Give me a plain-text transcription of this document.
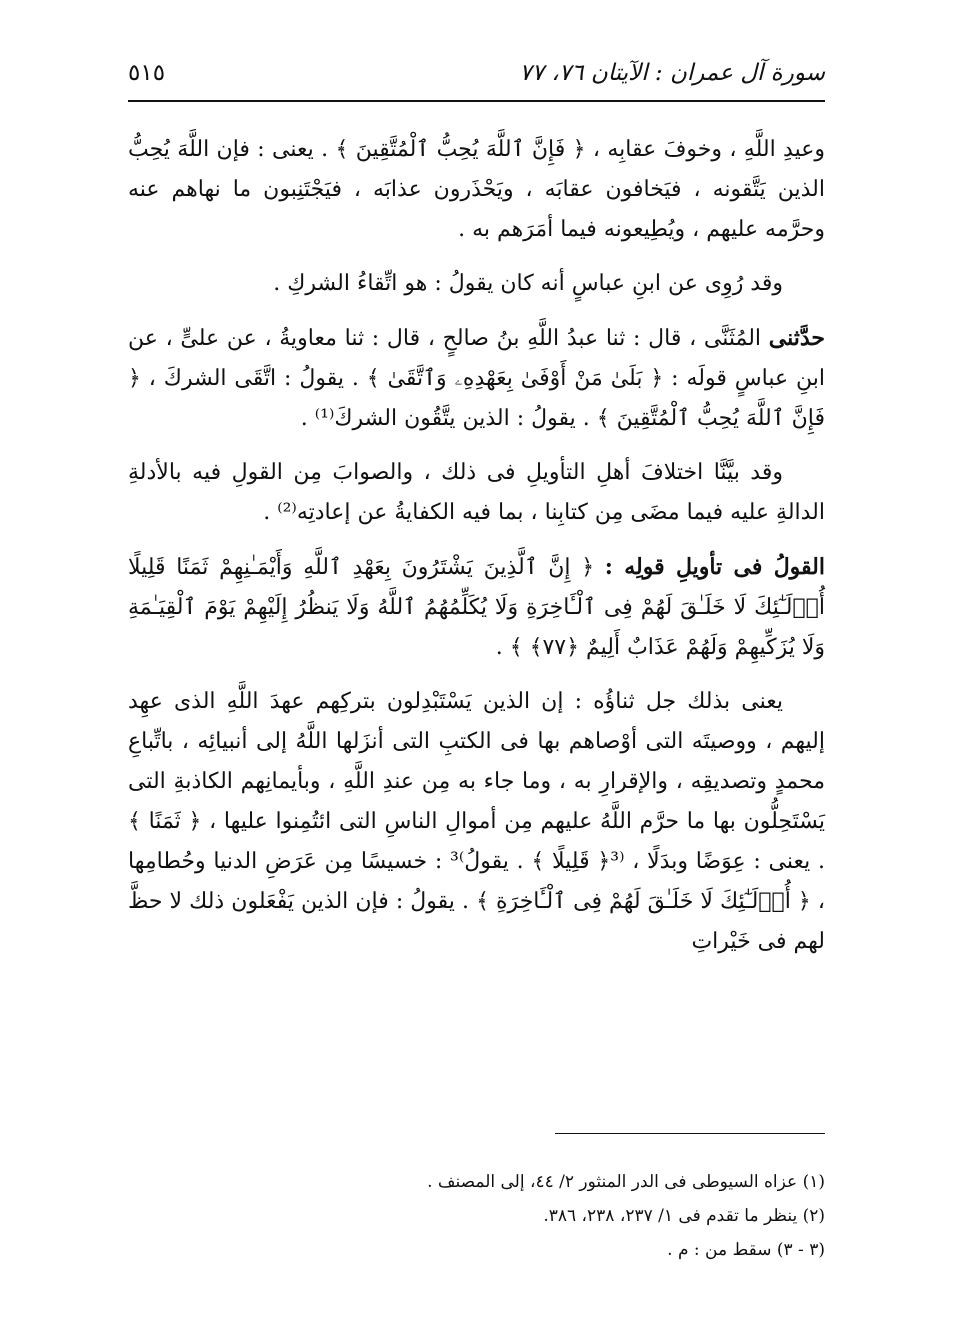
سورة آل عمران : الآيتان ٧٦، ٧٧
٥١٥

وعيدِ اللَّهِ ، وخوفَ عقابِه ، ﴿ فَإِنَّ ٱللَّهَ يُحِبُّ ٱلْمُتَّقِينَ ﴾ . يعنى : فإن اللَّهَ يُحِبُّ الذين يَتَّقونه ، فيَخافون عقابَه ، ويَحْذَرون عذابَه ، فيَجْتَنِبون ما نهاهم عنه وحرَّمه عليهم ، ويُطِيعونه فيما أمَرَهم به .

وقد رُوِى عن ابنِ عباسٍ أنه كان يقولُ : هو اتِّقاءُ الشركِ .

حدَّثنى المُثَنَّى ، قال : ثنا عبدُ اللَّهِ بنُ صالحٍ ، قال : ثنا معاويةُ ، عن علىٍّ ، عن ابنِ عباسٍ قولَه : ﴿ بَلَىٰ مَنْ أَوْفَىٰ بِعَهْدِهِۦ وَٱتَّقَىٰ ﴾ . يقولُ : اتَّقَى الشركَ ، ﴿ فَإِنَّ ٱللَّهَ يُحِبُّ ٱلْمُتَّقِينَ ﴾ . يقولُ : الذين يتَّقُون الشركَ⁽¹⁾ .

وقد بيَّنَّا اختلافَ أهلِ التأويلِ فى ذلك ، والصوابَ مِن القولِ فيه بالأدلةِ الدالةِ عليه فيما مضَى مِن كتابِنا ، بما فيه الكفايةُ عن إعادتِه⁽²⁾ .

القولُ فى تأويلِ قولِه : ﴿ إِنَّ ٱلَّذِينَ يَشْتَرُونَ بِعَهْدِ ٱللَّهِ وَأَيْمَـٰنِهِمْ ثَمَنًا قَلِيلًا أُو۟لَـٰٓئِكَ لَا خَلَـٰقَ لَهُمْ فِى ٱلْـَٔاخِرَةِ وَلَا يُكَلِّمُهُمُ ٱللَّهُ وَلَا يَنظُرُ إِلَيْهِمْ يَوْمَ ٱلْقِيَـٰمَةِ وَلَا يُزَكِّيهِمْ وَلَهُمْ عَذَابٌ أَلِيمٌ ﴿٧٧﴾ ﴾ .

يعنى بذلك جل ثناؤُه : إن الذين يَسْتَبْدِلون بتركِهم عهدَ اللَّهِ الذى عهِد إليهم ، ووصيتَه التى أوْصاهم بها فى الكتبِ التى أنزَلها اللَّهُ إلى أنبيائِه ، باتِّباعِ محمدٍ وتصديقِه ، والإقرارِ به ، وما جاء به مِن عندِ اللَّهِ ، وبأيمانِهم الكاذبةِ التى يَسْتَحِلُّون بها ما حرَّم اللَّهُ عليهم مِن أموالِ الناسِ التى ائتُمِنوا عليها ، ﴿ ثَمَنًا ﴾ . يعنى : عِوَضًا وبدَلًا ، ⁽³﴿ قَلِيلًا ﴾ . يقولُ⁾³ : خسيسًا مِن عَرَضِ الدنيا وحُطامِها ، ﴿ أُو۟لَـٰٓئِكَ لَا خَلَـٰقَ لَهُمْ فِى ٱلْـَٔاخِرَةِ ﴾ . يقولُ : فإن الذين يَفْعَلون ذلك لا حظَّ لهم فى خَيْراتِ

(١) عزاه السيوطى فى الدر المنثور ٢/ ٤٤، إلى المصنف .

(٢) ينظر ما تقدم فى ١/ ٢٣٧، ٢٣٨، ٣٨٦.

(٣ - ٣) سقط من : م .
